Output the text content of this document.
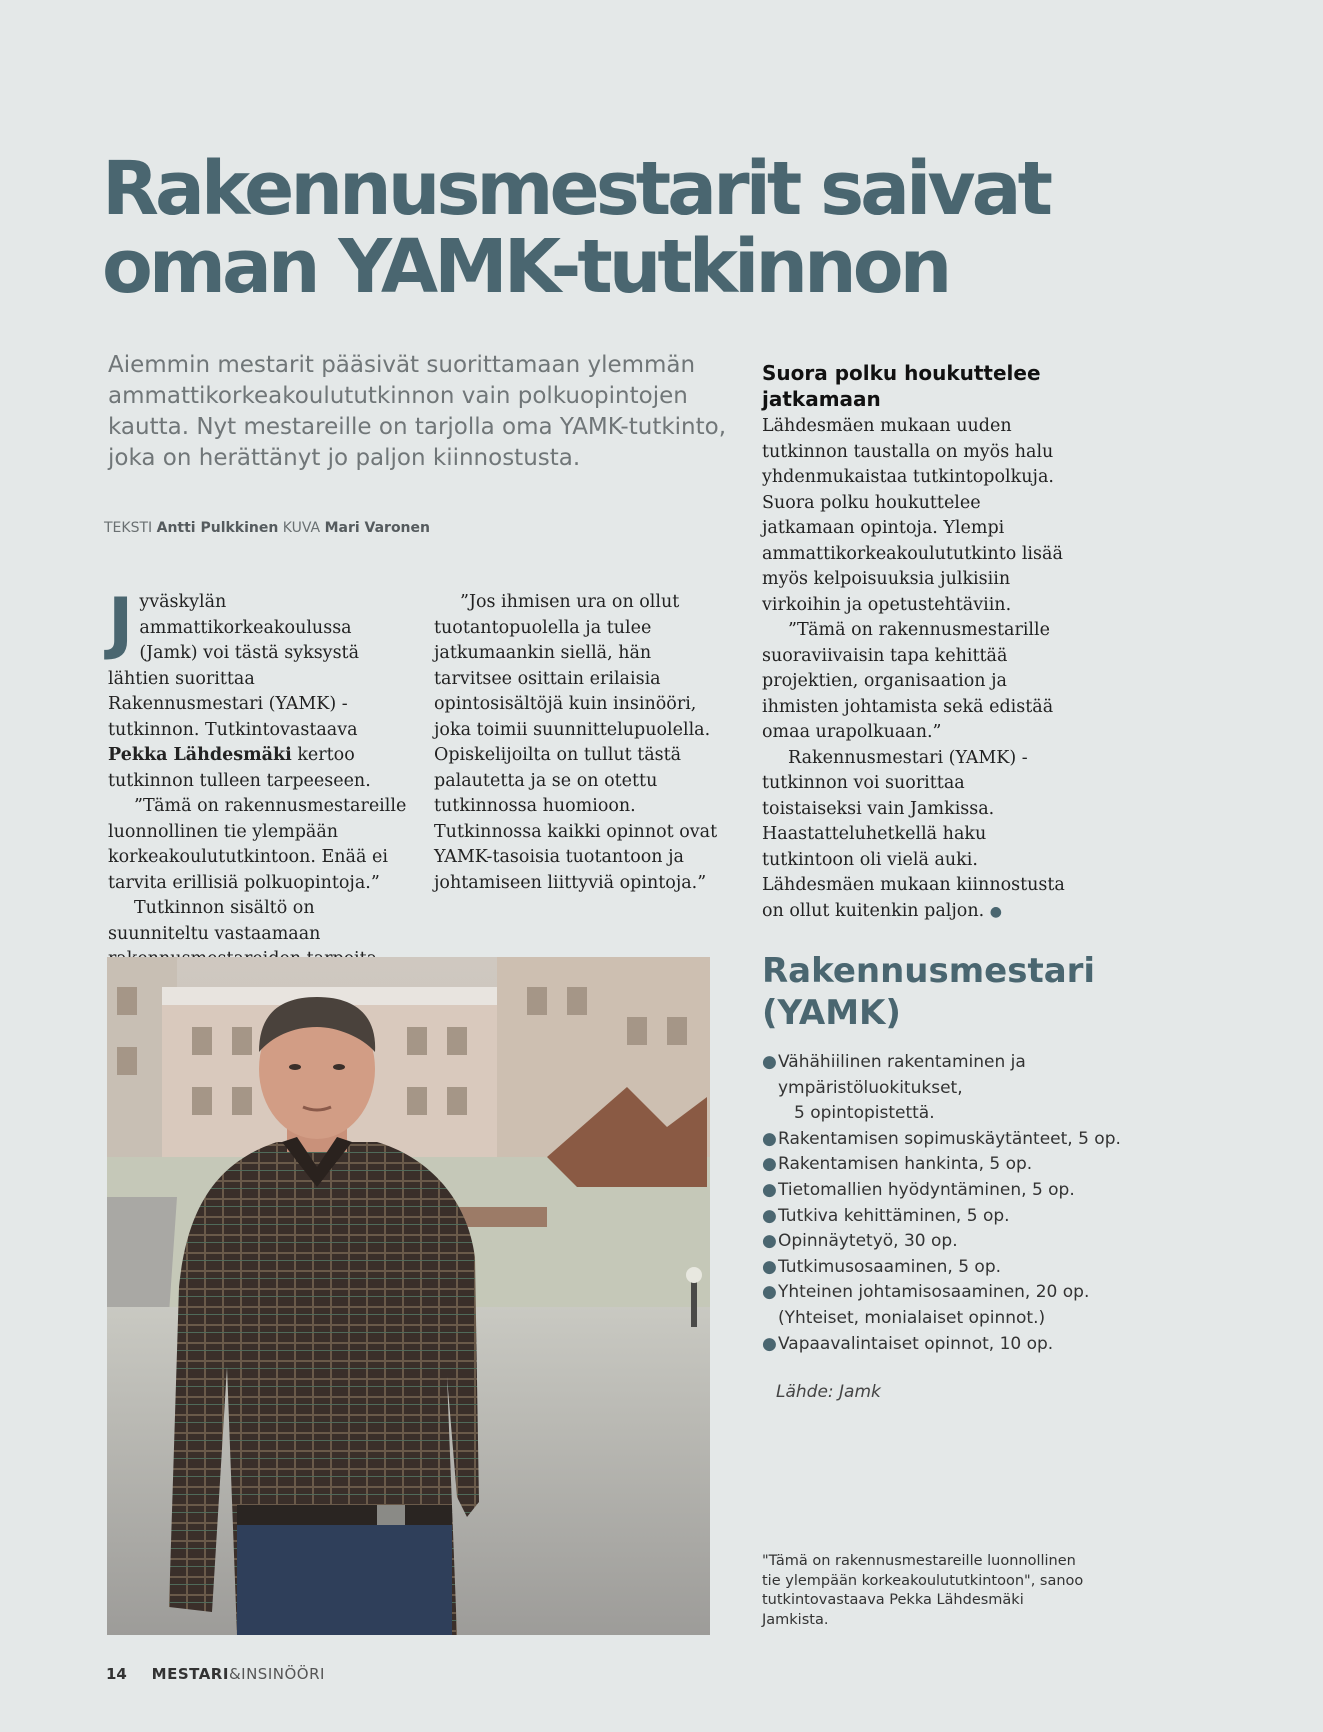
Rakennusmestarit saivat
oman YAMK-tutkinnon

Aiemmin mestarit pääsivät suorittamaan ylemmän ammattikorkeakoulututkinnon vain polkuopintojen kautta. Nyt mestareille on tarjolla oma YAMK-tutkinto, joka on herättänyt jo paljon kiinnostusta.

TEKSTI Antti Pulkkinen KUVA Mari Varonen

Jyväskylän ammattikorkeakoulussa (Jamk) voi tästä syksystä lähtien suorittaa Rakennusmestari (YAMK) -tutkinnon. Tutkintovastaava Pekka Lähdesmäki kertoo tutkinnon tulleen tarpeeseen.

”Tämä on rakennusmestareille luonnollinen tie ylempään korkeakoulututkintoon. Enää ei tarvita erillisiä polkuopintoja.”

Tutkinnon sisältö on suunniteltu vastaamaan

”Jos ihmisen ura on ollut tuotantopuolella ja tulee jatkumaankin siellä, hän tarvitsee osittain erilaisia opintosisältöjä kuin insinööri, joka toimii suunnittelupuolella. Opiskelijoilta on tullut tästä palautetta ja se on otettu tutkinnossa huomioon. Tutkinnossa kaikki opinnot ovat YAMK-tasoisia tuotantoon ja johtamiseen liittyviä opintoja.”

Suora polku houkuttelee jatkamaan

Lähdesmäen mukaan uuden tutkinnon taustalla on myös halu yhdenmukaistaa tutkintopolkuja. Suora polku houkuttelee jatkamaan opintoja. Ylempi ammattikorkeakoulututkinto lisää myös kelpoisuuksia julkisiin virkoihin ja opetustehtäviin.

”Tämä on rakennusmestarille suoraviivaisin tapa kehittää projektien, organisaation ja ihmisten johtamista sekä edistää omaa urapolkuaan.”

Rakennusmestari (YAMK) -tutkinnon voi suorittaa toistaiseksi vain Jamkissa. Haastatteluhetkellä haku tutkintoon oli vielä auki. Lähdesmäen mukaan kiinnostusta on ollut kuitenkin paljon. ●

Rakennusmestari
(YAMK)
● Vähähiilinen rakentaminen ja
ympäristöluokitukset,
5 opintopistettä.
● Rakentamisen sopimuskäytänteet, 5 op.
● Rakentamisen hankinta, 5 op.
● Tietomallien hyödyntäminen, 5 op.
● Tutkiva kehittäminen, 5 op.
● Opinnäytetyö, 30 op.
● Tutkimusosaaminen, 5 op.
● Yhteinen johtamisosaaminen, 20 op.
(Yhteiset, monialaiset opinnot.)
● Vapaavalintaiset opinnot, 10 op.
Lähde: Jamk
"Tämä on rakennusmestareille luonnollinen tie ylempään korkeakoulututkintoon", sanoo tutkintovastaava Pekka Lähdesmäki Jamkista.
14 MESTARI&INSINÖÖRI
